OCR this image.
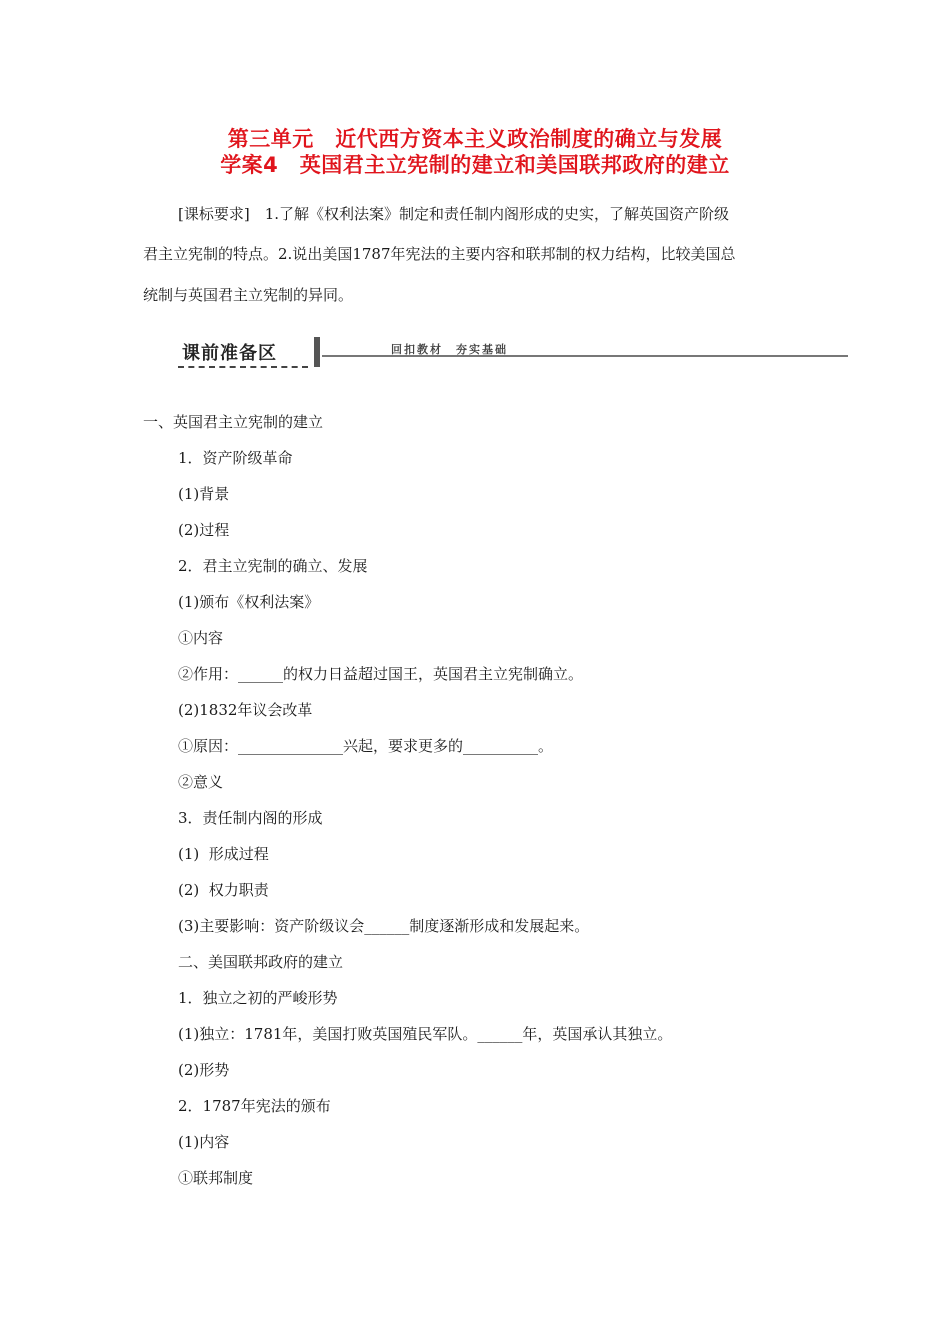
第三单元　近代西方资本主义政治制度的确立与发展
学案4　英国君主立宪制的建立和美国联邦政府的建立
[课标要求]　1.了解《权利法案》制定和责任制内阁形成的史实，了解英国资产阶级
君主立宪制的特点。2.说出美国1787年宪法的主要内容和联邦制的权力结构，比较美国总
统制与英国君主立宪制的异同。
课前准备区	回扣教材　夯实基础
一、英国君主立宪制的建立
1．资产阶级革命
(1)背景
(2)过程
2．君主立宪制的确立、发展
(1)颁布《权利法案》
①内容
②作用：______的权力日益超过国王，英国君主立宪制确立。
(2)1832年议会改革
①原因：______________兴起，要求更多的__________。
②意义
3．责任制内阁的形成
(1)  形成过程
(2)  权力职责
(3)主要影响：资产阶级议会______制度逐渐形成和发展起来。
二、美国联邦政府的建立
1．独立之初的严峻形势
(1)独立：1781年，美国打败英国殖民军队。______年，英国承认其独立。
(2)形势
2．1787年宪法的颁布
(1)内容
①联邦制度
